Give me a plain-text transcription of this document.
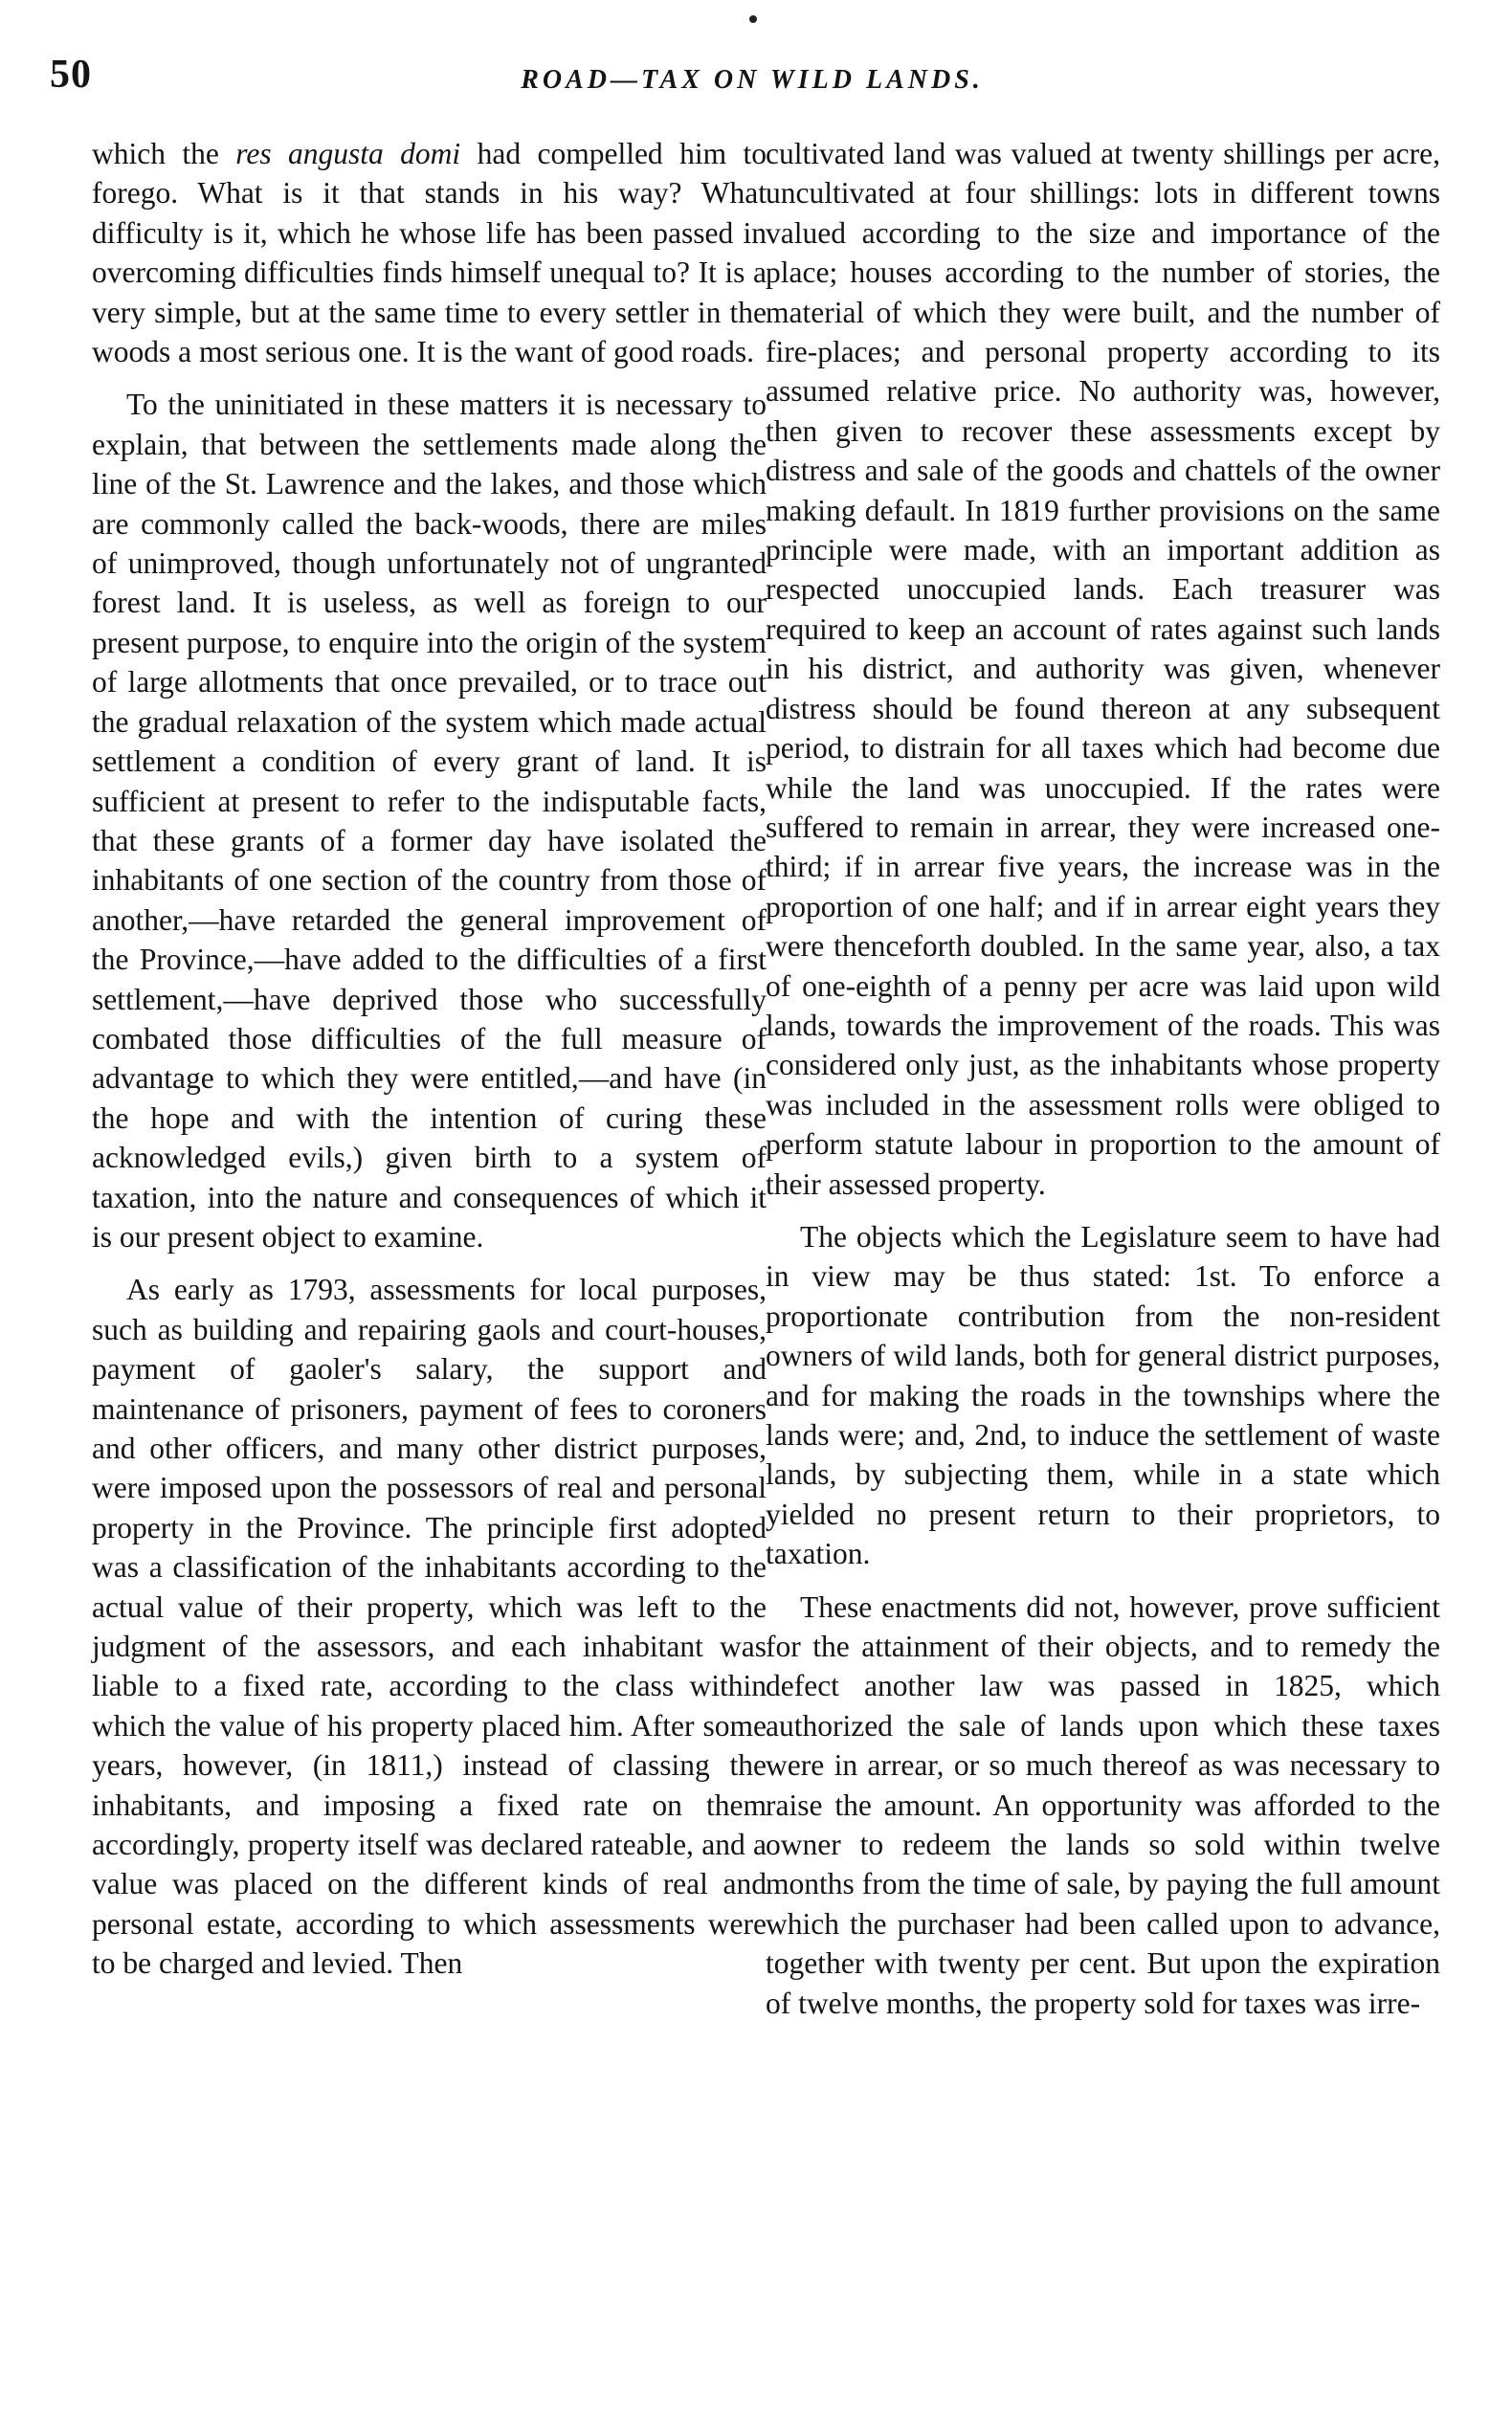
50	ROAD—TAX ON WILD LANDS.

which the res angusta domi had compelled him to forego. What is it that stands in his way? What difficulty is it, which he whose life has been passed in overcoming difficulties finds himself unequal to? It is a very simple, but at the same time to every settler in the woods a most serious one. It is the want of good roads.

To the uninitiated in these matters it is necessary to explain, that between the settlements made along the line of the St. Lawrence and the lakes, and those which are commonly called the back-woods, there are miles of unimproved, though unfortunately not of ungranted forest land. It is useless, as well as foreign to our present purpose, to enquire into the origin of the system of large allotments that once prevailed, or to trace out the gradual relaxation of the system which made actual settlement a condition of every grant of land. It is sufficient at present to refer to the indisputable facts, that these grants of a former day have isolated the inhabitants of one section of the country from those of another,—have retarded the general improvement of the Province,—have added to the difficulties of a first settlement,—have deprived those who successfully combated those difficulties of the full measure of advantage to which they were entitled,—and have (in the hope and with the intention of curing these acknowledged evils,) given birth to a system of taxation, into the nature and consequences of which it is our present object to examine.

As early as 1793, assessments for local purposes, such as building and repairing gaols and court-houses, payment of gaoler's salary, the support and maintenance of prisoners, payment of fees to coroners and other officers, and many other district purposes, were imposed upon the possessors of real and personal property in the Province. The principle first adopted was a classification of the inhabitants according to the actual value of their property, which was left to the judgment of the assessors, and each inhabitant was liable to a fixed rate, according to the class within which the value of his property placed him. After some years, however, (in 1811,) instead of classing the inhabitants, and imposing a fixed rate on them accordingly, property itself was declared rateable, and a value was placed on the different kinds of real and personal estate, according to which assessments were to be charged and levied. Then

cultivated land was valued at twenty shillings per acre, uncultivated at four shillings: lots in different towns valued according to the size and importance of the place; houses according to the number of stories, the material of which they were built, and the number of fire-places; and personal property according to its assumed relative price. No authority was, however, then given to recover these assessments except by distress and sale of the goods and chattels of the owner making default. In 1819 further provisions on the same principle were made, with an important addition as respected unoccupied lands. Each treasurer was required to keep an account of rates against such lands in his district, and authority was given, whenever distress should be found thereon at any subsequent period, to distrain for all taxes which had become due while the land was unoccupied. If the rates were suffered to remain in arrear, they were increased one-third; if in arrear five years, the increase was in the proportion of one half; and if in arrear eight years they were thenceforth doubled. In the same year, also, a tax of one-eighth of a penny per acre was laid upon wild lands, towards the improvement of the roads. This was considered only just, as the inhabitants whose property was included in the assessment rolls were obliged to perform statute labour in proportion to the amount of their assessed property.

The objects which the Legislature seem to have had in view may be thus stated: 1st. To enforce a proportionate contribution from the non-resident owners of wild lands, both for general district purposes, and for making the roads in the townships where the lands were; and, 2nd, to induce the settlement of waste lands, by subjecting them, while in a state which yielded no present return to their proprietors, to taxation.

These enactments did not, however, prove sufficient for the attainment of their objects, and to remedy the defect another law was passed in 1825, which authorized the sale of lands upon which these taxes were in arrear, or so much thereof as was necessary to raise the amount. An opportunity was afforded to the owner to redeem the lands so sold within twelve months from the time of sale, by paying the full amount which the purchaser had been called upon to advance, together with twenty per cent. But upon the expiration of twelve months, the property sold for taxes was irre-
